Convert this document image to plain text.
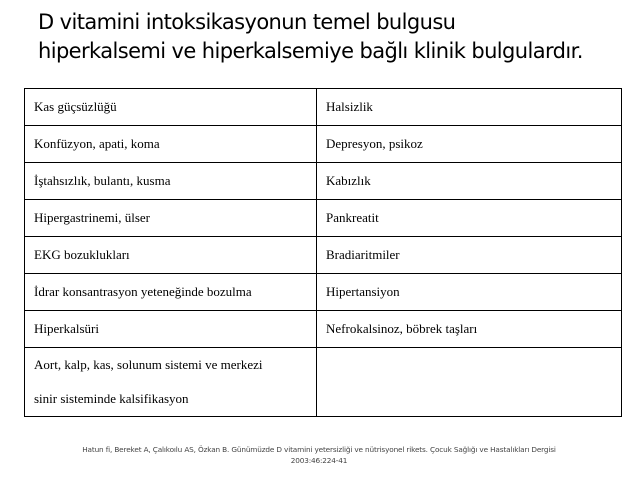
D vitamini intoksikasyonun temel bulgusu
hiperkalsemi ve hiperkalsemiye bağlı klinik bulgulardır.
Kas güçsüzlüğü	Halsizlik
Konfüzyon, apati, koma	Depresyon, psikoz
İştahsızlık, bulantı, kusma	Kabızlık
Hipergastrinemi, ülser	Pankreatit
EKG bozuklukları	Bradiaritmiler
İdrar konsantrasyon yeteneğinde bozulma	Hipertansiyon
Hiperkalsüri	Nefrokalsinoz, böbrek taşları
Aort, kalp, kas, solunum sistemi ve merkezi
sinir sisteminde kalsifikasyon	
Hatun fi, Bereket A, Çalıkoılu AS, Özkan B. Günümüzde D vitamini yetersizliği ve nütrisyonel rikets. Çocuk Sağlığı ve Hastalıkları Dergisi
2003:46:224-41
